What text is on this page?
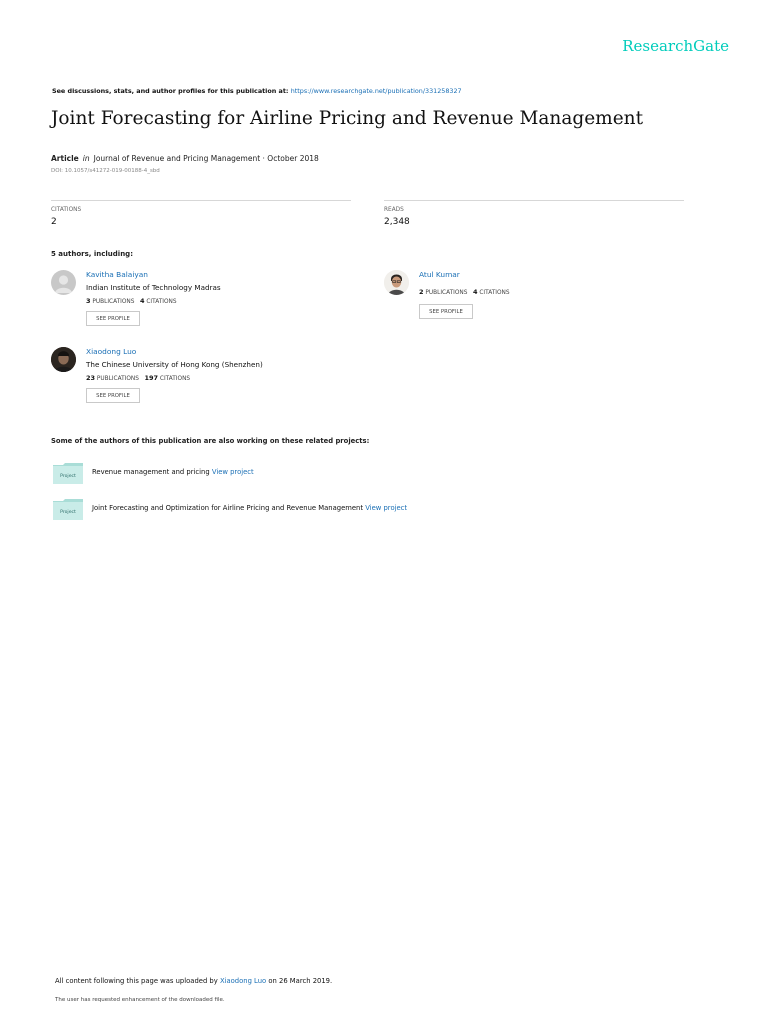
ResearchGate
See discussions, stats, and author profiles for this publication at: https://www.researchgate.net/publication/331258327
Joint Forecasting for Airline Pricing and Revenue Management
Article in Journal of Revenue and Pricing Management · October 2018
DOI: 10.1057/s41272-019-00188-4_sbd
CITATIONS
2
READS
2,348
5 authors, including:
Kavitha Balaiyan
Indian Institute of Technology Madras
3 PUBLICATIONS 4 CITATIONS
SEE PROFILE
Atul Kumar
2 PUBLICATIONS 4 CITATIONS
SEE PROFILE
Xiaodong Luo
The Chinese University of Hong Kong (Shenzhen)
23 PUBLICATIONS 197 CITATIONS
SEE PROFILE
Some of the authors of this publication are also working on these related projects:
Project
Revenue management and pricing View project
Project
Joint Forecasting and Optimization for Airline Pricing and Revenue Management View project
All content following this page was uploaded by Xiaodong Luo on 26 March 2019.
The user has requested enhancement of the downloaded file.
